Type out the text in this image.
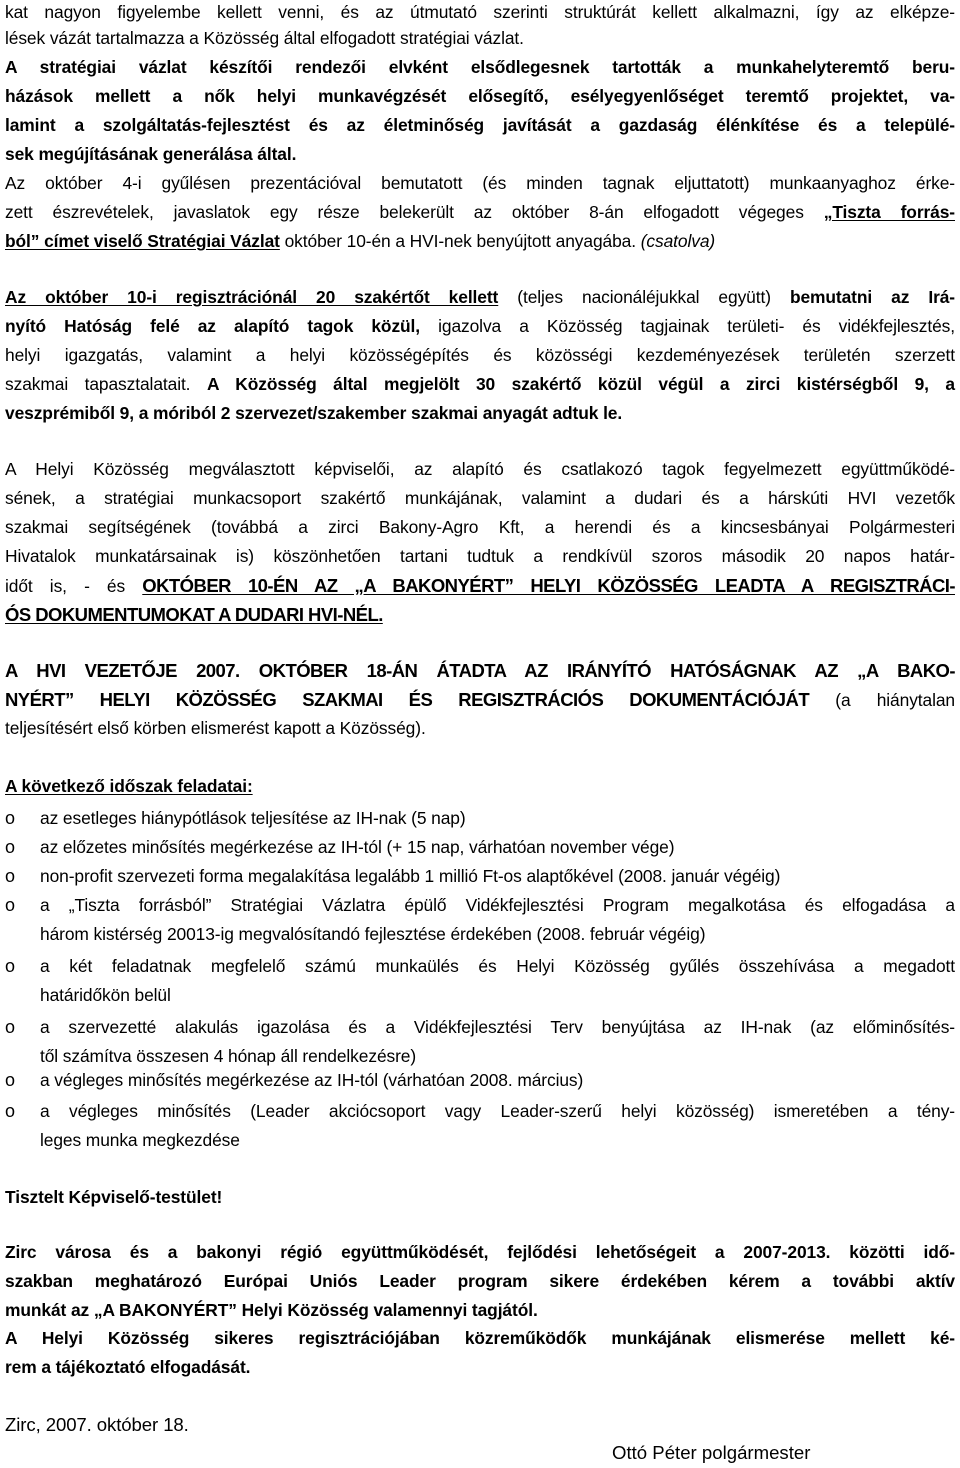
kat nagyon figyelembe kellett venni, és az útmutató szerinti struktúrát kellett alkalmazni, így az elképze-
lések vázát tartalmazza a Közösség által elfogadott stratégiai vázlat.
A stratégiai vázlat készítői rendezői elvként elsődlegesnek tartották a munkahelyteremtő beru-
házások mellett a nők helyi munkavégzését elősegítő, esélyegyenlőséget teremtő projektet, va-
lamint a szolgáltatás-fejlesztést és az életminőség javítását a gazdaság élénkítése és a települé-
sek megújításának generálása által.
Az október 4-i gyűlésen prezentációval bemutatott (és minden tagnak eljuttatott) munkaanyaghoz érke-
zett észrevételek, javaslatok egy része belekerült az október 8-án elfogadott végeges „Tiszta forrás-
ból” címet viselő Stratégiai Vázlat október 10-én a HVI-nek benyújtott anyagába. (csatolva)
Az október 10-i regisztrációnál 20 szakértőt kellett (teljes nacionáléjukkal együtt) bemutatni az Irá-
nyító Hatóság felé az alapító tagok közül, igazolva a Közösség tagjainak területi- és vidékfejlesztés,
helyi igazgatás, valamint a helyi közösségépítés és közösségi kezdeményezések területén szerzett
szakmai tapasztalatait. A Közösség által megjelölt 30 szakértő közül végül a zirci kistérségből 9, a
veszprémiből 9, a móriból 2 szervezet/szakember szakmai anyagát adtuk le.
A Helyi Közösség megválasztott képviselői, az alapító és csatlakozó tagok fegyelmezett együttműködé-
sének, a stratégiai munkacsoport szakértő munkájának, valamint a dudari és a hárskúti HVI vezetők
szakmai segítségének (továbbá a zirci Bakony-Agro Kft, a herendi és a kincsesbányai Polgármesteri
Hivatalok munkatársainak is) köszönhetően tartani tudtuk a rendkívül szoros második 20 napos határ-
időt is, - és OKTÓBER 10-ÉN AZ „A BAKONYÉRT” HELYI KÖZÖSSÉG LEADTA A REGISZTRÁCI-
ÓS DOKUMENTUMOKAT A DUDARI HVI-NÉL.
A HVI VEZETŐJE 2007. OKTÓBER 18-ÁN ÁTADTA AZ IRÁNYÍTÓ HATÓSÁGNAK AZ „A BAKO-
NYÉRT” HELYI KÖZÖSSÉG SZAKMAI ÉS REGISZTRÁCIÓS DOKUMENTÁCIÓJÁT (a hiánytalan
teljesítésért első körben elismerést kapott a Közösség).
A következő időszak feladatai:
o az esetleges hiánypótlások teljesítése az IH-nak (5 nap)
o az előzetes minősítés megérkezése az IH-tól (+ 15 nap, várhatóan november vége)
o non-profit szervezeti forma megalakítása legalább 1 millió Ft-os alaptőkével (2008. január végéig)
o a „Tiszta forrásból” Stratégiai Vázlatra épülő Vidékfejlesztési Program megalkotása és elfogadása a
három kistérség 20013-ig megvalósítandó fejlesztése érdekében (2008. február végéig)
o a két feladatnak megfelelő számú munkaülés és Helyi Közösség gyűlés összehívása a megadott
határidőkön belül
o a szervezetté alakulás igazolása és a Vidékfejlesztési Terv benyújtása az IH-nak (az előminősítés-
től számítva összesen 4 hónap áll rendelkezésre)
o a végleges minősítés megérkezése az IH-tól (várhatóan 2008. március)
o a végleges minősítés (Leader akciócsoport vagy Leader-szerű helyi közösség) ismeretében a tény-
leges munka megkezdése
Tisztelt Képviselő-testület!
Zirc városa és a bakonyi régió együttműködését, fejlődési lehetőségeit a 2007-2013. közötti idő-
szakban meghatározó Európai Uniós Leader program sikere érdekében kérem a további aktív
munkát az „A BAKONYÉRT” Helyi Közösség valamennyi tagjától.
A Helyi Közösség sikeres regisztrációjában közreműködők munkájának elismerése mellett ké-
rem a tájékoztató elfogadását.
Zirc, 2007. október 18.
Ottó Péter polgármester
